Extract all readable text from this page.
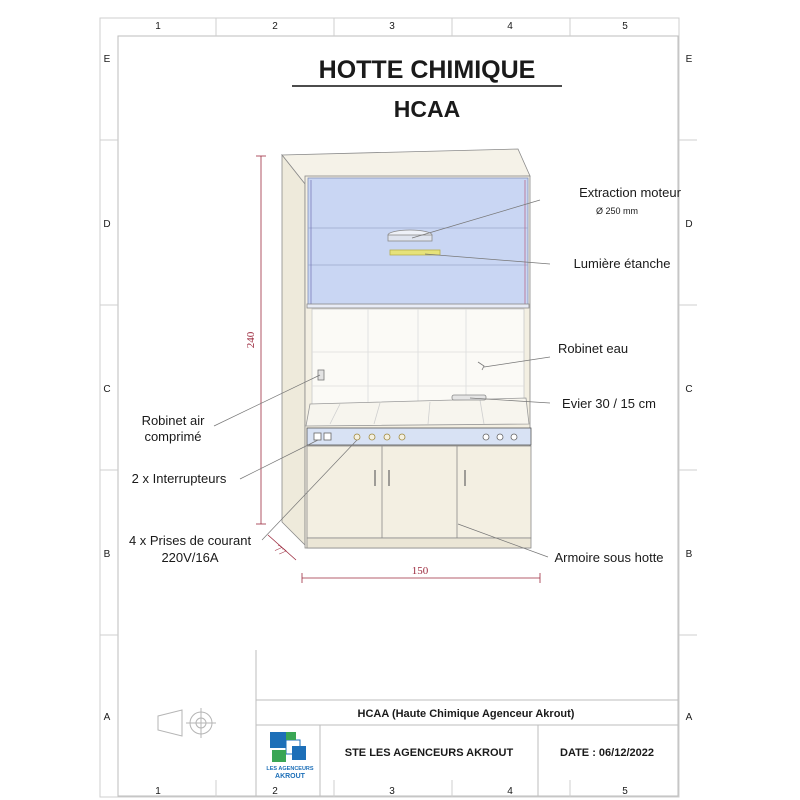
1	2	3	4	5
1	2	3	4	5
E
D
C
B
A
E
D
C
B
A
HOTTE CHIMIQUE
HCAA
240
150
77
Extraction moteur
Ø 250 mm
Lumière étanche
Robinet eau
Evier 30 / 15 cm
Robinet air
comprimé
2 x Interrupteurs
4 x Prises de courant
220V/16A	Armoire sous hotte
HCAA (Haute Chimique Agenceur Akrout)
STE LES AGENCEURS AKROUT	DATE : 06/12/2022
LES AGENCEURS
AKROUT
